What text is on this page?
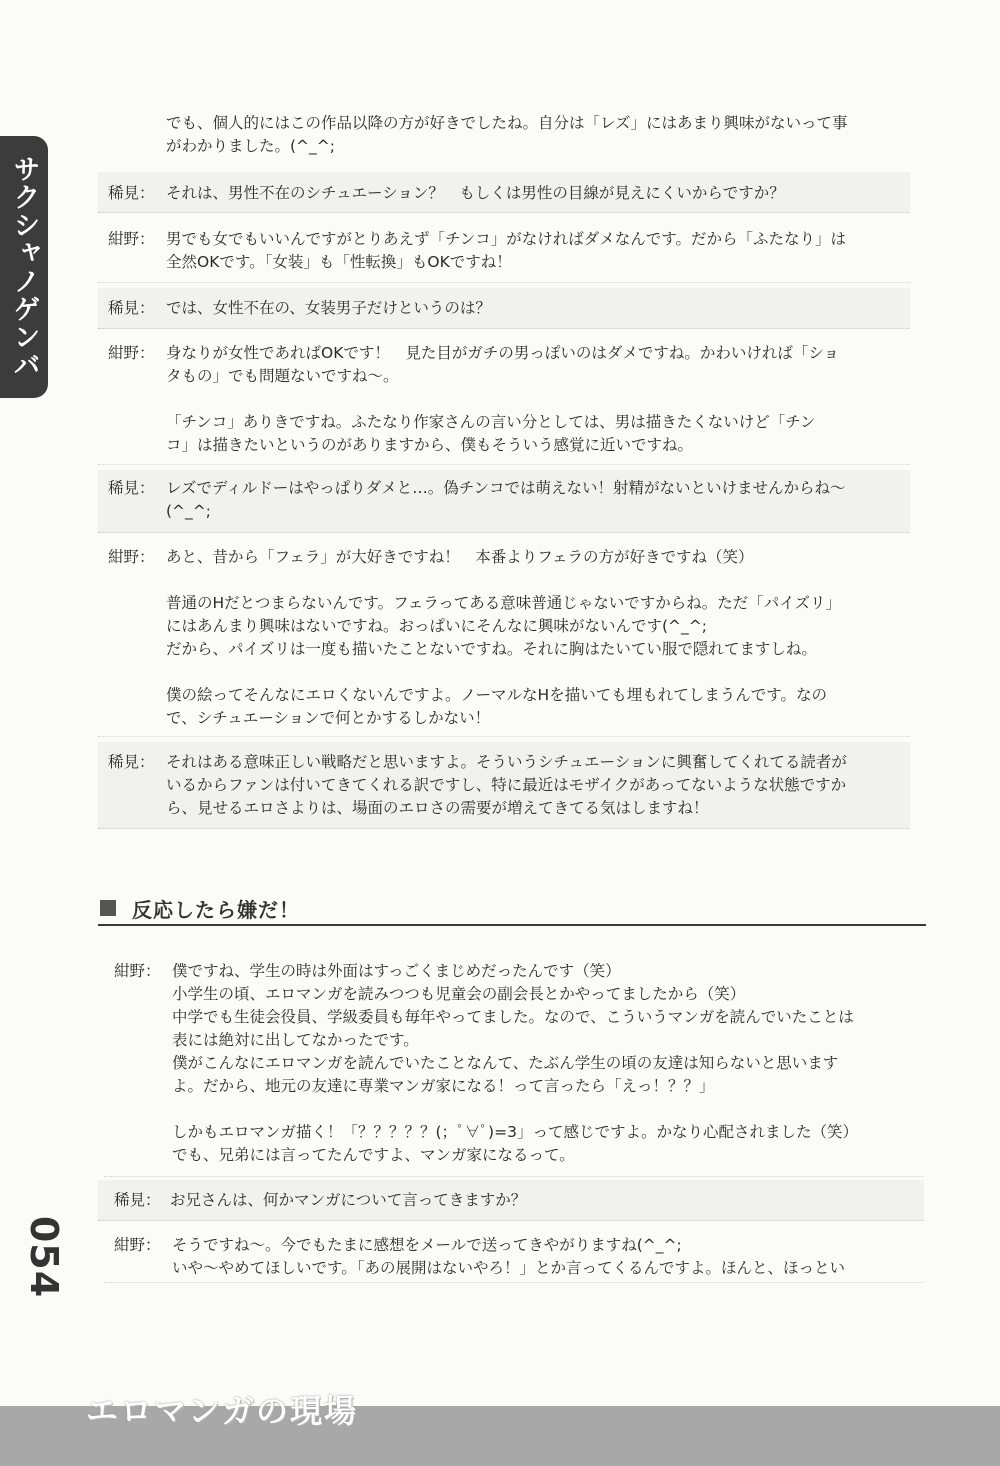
サクシャノゲンバ
054

でも、個人的にはこの作品以降の方が好きでしたね。自分は「レズ」にはあまり興味がないって事

がわかりました。(^_^;

稀見： それは、男性不在のシチュエーション？　もしくは男性の目線が見えにくいからですか？

紺野： 男でも女でもいいんですがとりあえず「チンコ」がなければダメなんです。だから「ふたなり」は

全然OKです。「女装」も「性転換」もOKですね！

稀見： では、女性不在の、女装男子だけというのは？

紺野： 身なりが女性であればOKです！　見た目がガチの男っぽいのはダメですね。かわいければ「ショ

タもの」でも問題ないですね～。

「チンコ」ありきですね。ふたなり作家さんの言い分としては、男は描きたくないけど「チン

コ」は描きたいというのがありますから、僕もそういう感覚に近いですね。

稀見： レズでディルドーはやっぱりダメと…。偽チンコでは萌えない！射精がないといけませんからね～

(^_^;

紺野： あと、昔から「フェラ」が大好きですね！　本番よりフェラの方が好きですね（笑）

普通のHだとつまらないんです。フェラってある意味普通じゃないですからね。ただ「パイズリ」

にはあんまり興味はないですね。おっぱいにそんなに興味がないんです(^_^;

だから、パイズリは一度も描いたことないですね。それに胸はたいてい服で隠れてますしね。

僕の絵ってそんなにエロくないんですよ。ノーマルなHを描いても埋もれてしまうんです。なの

で、シチュエーションで何とかするしかない！

稀見： それはある意味正しい戦略だと思いますよ。そういうシチュエーションに興奮してくれてる読者が

いるからファンは付いてきてくれる訳ですし、特に最近はモザイクがあってないような状態ですか

ら、見せるエロさよりは、場面のエロさの需要が増えてきてる気はしますね！

反応したら嫌だ！
紺野： 僕ですね、学生の時は外面はすっごくまじめだったんです（笑）

小学生の頃、エロマンガを読みつつも児童会の副会長とかやってましたから（笑）

中学でも生徒会役員、学級委員も毎年やってました。なので、こういうマンガを読んでいたことは

表には絶対に出してなかったです。

僕がこんなにエロマンガを読んでいたことなんて、たぶん学生の頃の友達は知らないと思います

よ。だから、地元の友達に専業マンガ家になる！って言ったら「えっ！？？」

しかもエロマンガ描く！「？？？？？(；ﾟ∀ﾟ)=3」って感じですよ。かなり心配されました（笑）

でも、兄弟には言ってたんですよ、マンガ家になるって。

稀見： お兄さんは、何かマンガについて言ってきますか？

紺野： そうですね～。今でもたまに感想をメールで送ってきやがりますね(^_^;

いや～やめてほしいです。「あの展開はないやろ！」とか言ってくるんですよ。ほんと、ほっとい

エロマンガの現場
